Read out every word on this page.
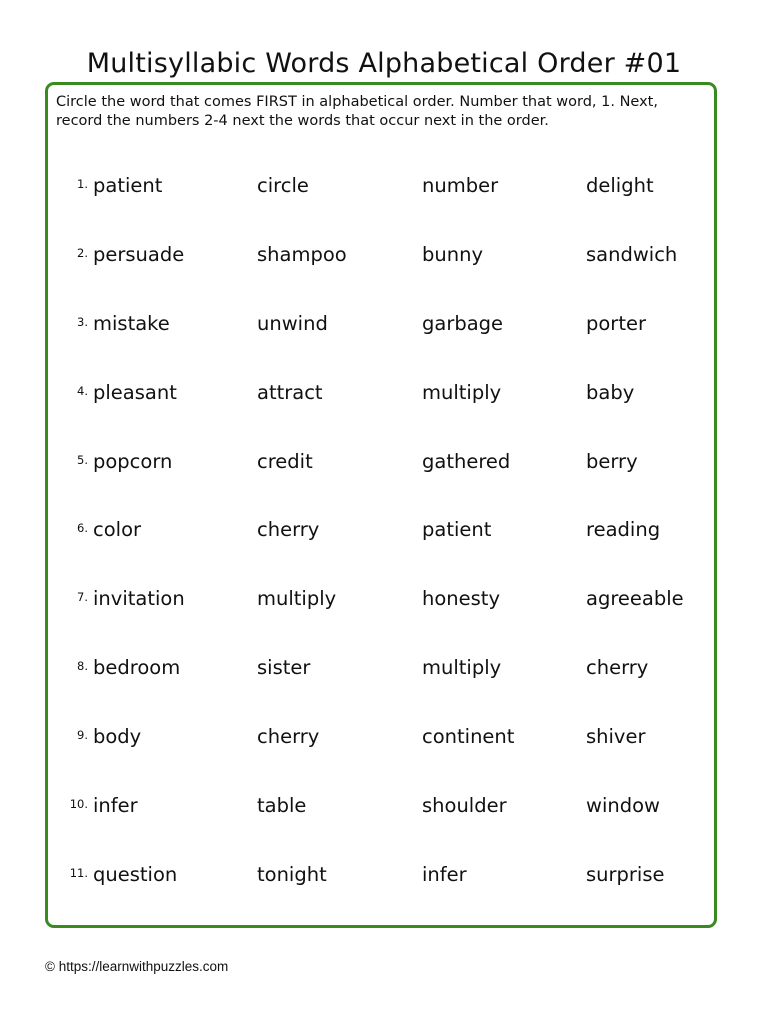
Multisyllabic Words Alphabetical Order #01

Circle the word that comes FIRST in alphabetical order. Number that word, 1. Next, record the numbers 2-4 next the words that occur next in the order.

1. patient	circle	number	delight
2. persuade	shampoo	bunny	sandwich
3. mistake	unwind	garbage	porter
4. pleasant	attract	multiply	baby
5. popcorn	credit	gathered	berry
6. color	cherry	patient	reading
7. invitation	multiply	honesty	agreeable
8. bedroom	sister	multiply	cherry
9. body	cherry	continent	shiver
10. infer	table	shoulder	window
11. question	tonight	infer	surprise

© https://learnwithpuzzles.com
